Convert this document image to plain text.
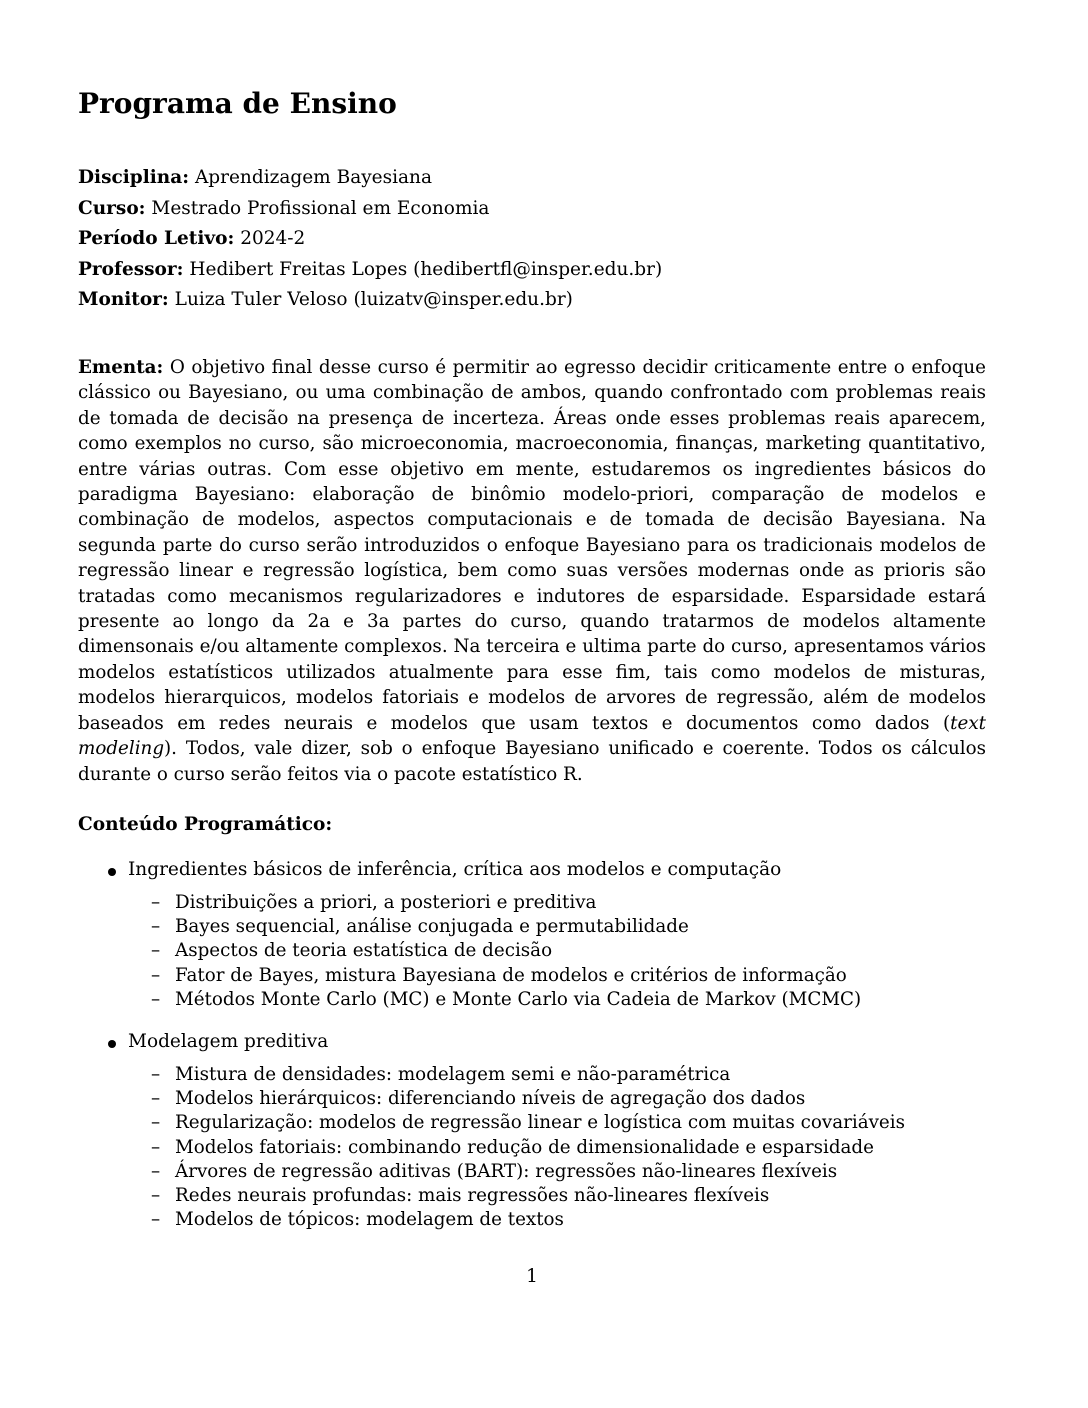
Programa de Ensino
Disciplina: Aprendizagem Bayesiana
Curso: Mestrado Profissional em Economia
Período Letivo: 2024-2
Professor: Hedibert Freitas Lopes (hedibertfl@insper.edu.br)
Monitor: Luiza Tuler Veloso (luizatv@insper.edu.br)

Ementa: O objetivo final desse curso é permitir ao egresso decidir criticamente entre o enfoque clássico ou Bayesiano, ou uma combinação de ambos, quando confrontado com problemas reais de tomada de decisão na presença de incerteza. Áreas onde esses problemas reais aparecem, como exemplos no curso, são microeconomia, macroeconomia, finanças, marketing quantitativo, entre várias outras. Com esse objetivo em mente, estudaremos os ingredientes básicos do paradigma Bayesiano: elaboração de binômio modelo-priori, comparação de modelos e combinação de modelos, aspectos computacionais e de tomada de decisão Bayesiana. Na segunda parte do curso serão introduzidos o enfoque Bayesiano para os tradicionais modelos de regressão linear e regressão logística, bem como suas versões modernas onde as prioris são tratadas como mecanismos regularizadores e indutores de esparsidade. Esparsidade estará presente ao longo da 2a e 3a partes do curso, quando tratarmos de modelos altamente dimensonais e/ou altamente complexos. Na terceira e ultima parte do curso, apresentamos vários modelos estatísticos utilizados atualmente para esse fim, tais como modelos de misturas, modelos hierarquicos, modelos fatoriais e modelos de arvores de regressão, além de modelos baseados em redes neurais e modelos que usam textos e documentos como dados (text modeling). Todos, vale dizer, sob o enfoque Bayesiano unificado e coerente. Todos os cálculos durante o curso serão feitos via o pacote estatístico R.

Conteúdo Programático:
Ingredientes básicos de inferência, crítica aos modelos e computação
– Distribuições a priori, a posteriori e preditiva
– Bayes sequencial, análise conjugada e permutabilidade
– Aspectos de teoria estatística de decisão
– Fator de Bayes, mistura Bayesiana de modelos e critérios de informação
– Métodos Monte Carlo (MC) e Monte Carlo via Cadeia de Markov (MCMC)
Modelagem preditiva
– Mistura de densidades: modelagem semi e não-paramétrica
– Modelos hierárquicos: diferenciando níveis de agregação dos dados
– Regularização: modelos de regressão linear e logística com muitas covariáveis
– Modelos fatoriais: combinando redução de dimensionalidade e esparsidade
– Árvores de regressão aditivas (BART): regressões não-lineares flexíveis
– Redes neurais profundas: mais regressões não-lineares flexíveis
– Modelos de tópicos: modelagem de textos
1
